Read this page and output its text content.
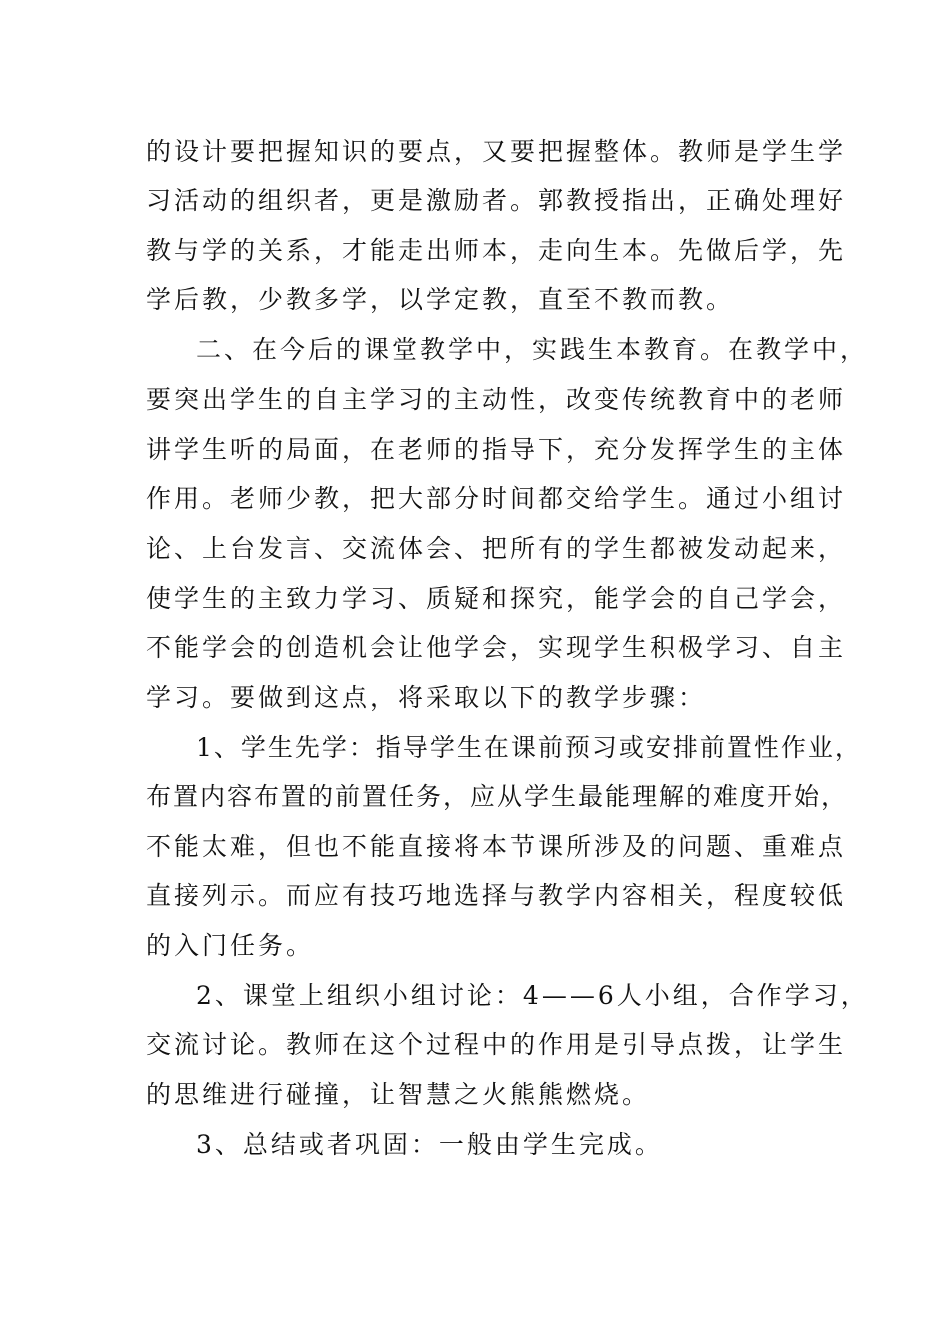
的设计要把握知识的要点，又要把握整体。教师是学生学

习活动的组织者，更是激励者。郭教授指出，正确处理好

教与学的关系，才能走出师本，走向生本。先做后学，先

学后教，少教多学，以学定教，直至不教而教。

二、在今后的课堂教学中，实践生本教育。在教学中，

要突出学生的自主学习的主动性，改变传统教育中的老师

讲学生听的局面，在老师的指导下，充分发挥学生的主体

作用。老师少教，把大部分时间都交给学生。通过小组讨

论、上台发言、交流体会、把所有的学生都被发动起来，

使学生的主致力学习、质疑和探究，能学会的自己学会，

不能学会的创造机会让他学会，实现学生积极学习、自主

学习。要做到这点，将采取以下的教学步骤：

1、学生先学：指导学生在课前预习或安排前置性作业，

布置内容布置的前置任务，应从学生最能理解的难度开始，

不能太难，但也不能直接将本节课所涉及的问题、重难点

直接列示。而应有技巧地选择与教学内容相关，程度较低

的入门任务。

2、课堂上组织小组讨论：4——6人小组，合作学习，

交流讨论。教师在这个过程中的作用是引导点拨，让学生

的思维进行碰撞，让智慧之火熊熊燃烧。

3、总结或者巩固：一般由学生完成。
